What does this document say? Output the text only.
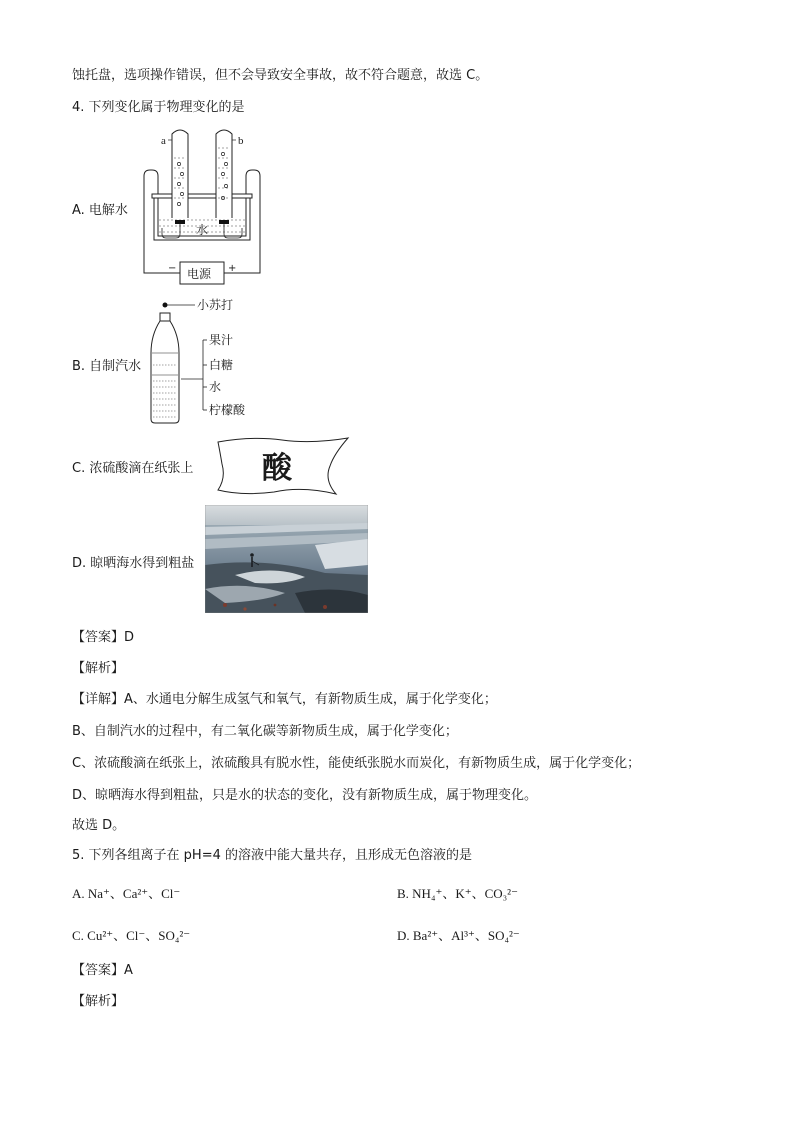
蚀托盘，选项操作错误，但不会导致安全事故，故不符合题意，故选 C。
4. 下列变化属于物理变化的是
A. 电解水
a	b
水
电源
−	+
B. 自制汽水
小苏打
果汁
白糖
水
柠檬酸
C. 浓硫酸滴在纸张上 酸
D. 晾晒海水得到粗盐
【答案】D
【解析】
【详解】A、水通电分解生成氢气和氧气，有新物质生成，属于化学变化；
B、自制汽水的过程中，有二氧化碳等新物质生成，属于化学变化；
C、浓硫酸滴在纸张上，浓硫酸具有脱水性，能使纸张脱水而炭化，有新物质生成，属于化学变化；
D、晾晒海水得到粗盐，只是水的状态的变化，没有新物质生成，属于物理变化。
故选 D。
5. 下列各组离子在 pH=4 的溶液中能大量共存，且形成无色溶液的是
A. Na⁺、Ca²⁺、Cl⁻	B. NH₄⁺、K⁺、CO₃²⁻
C. Cu²⁺、Cl⁻、SO₄²⁻	D. Ba²⁺、Al³⁺、SO₄²⁻
【答案】A
【解析】
